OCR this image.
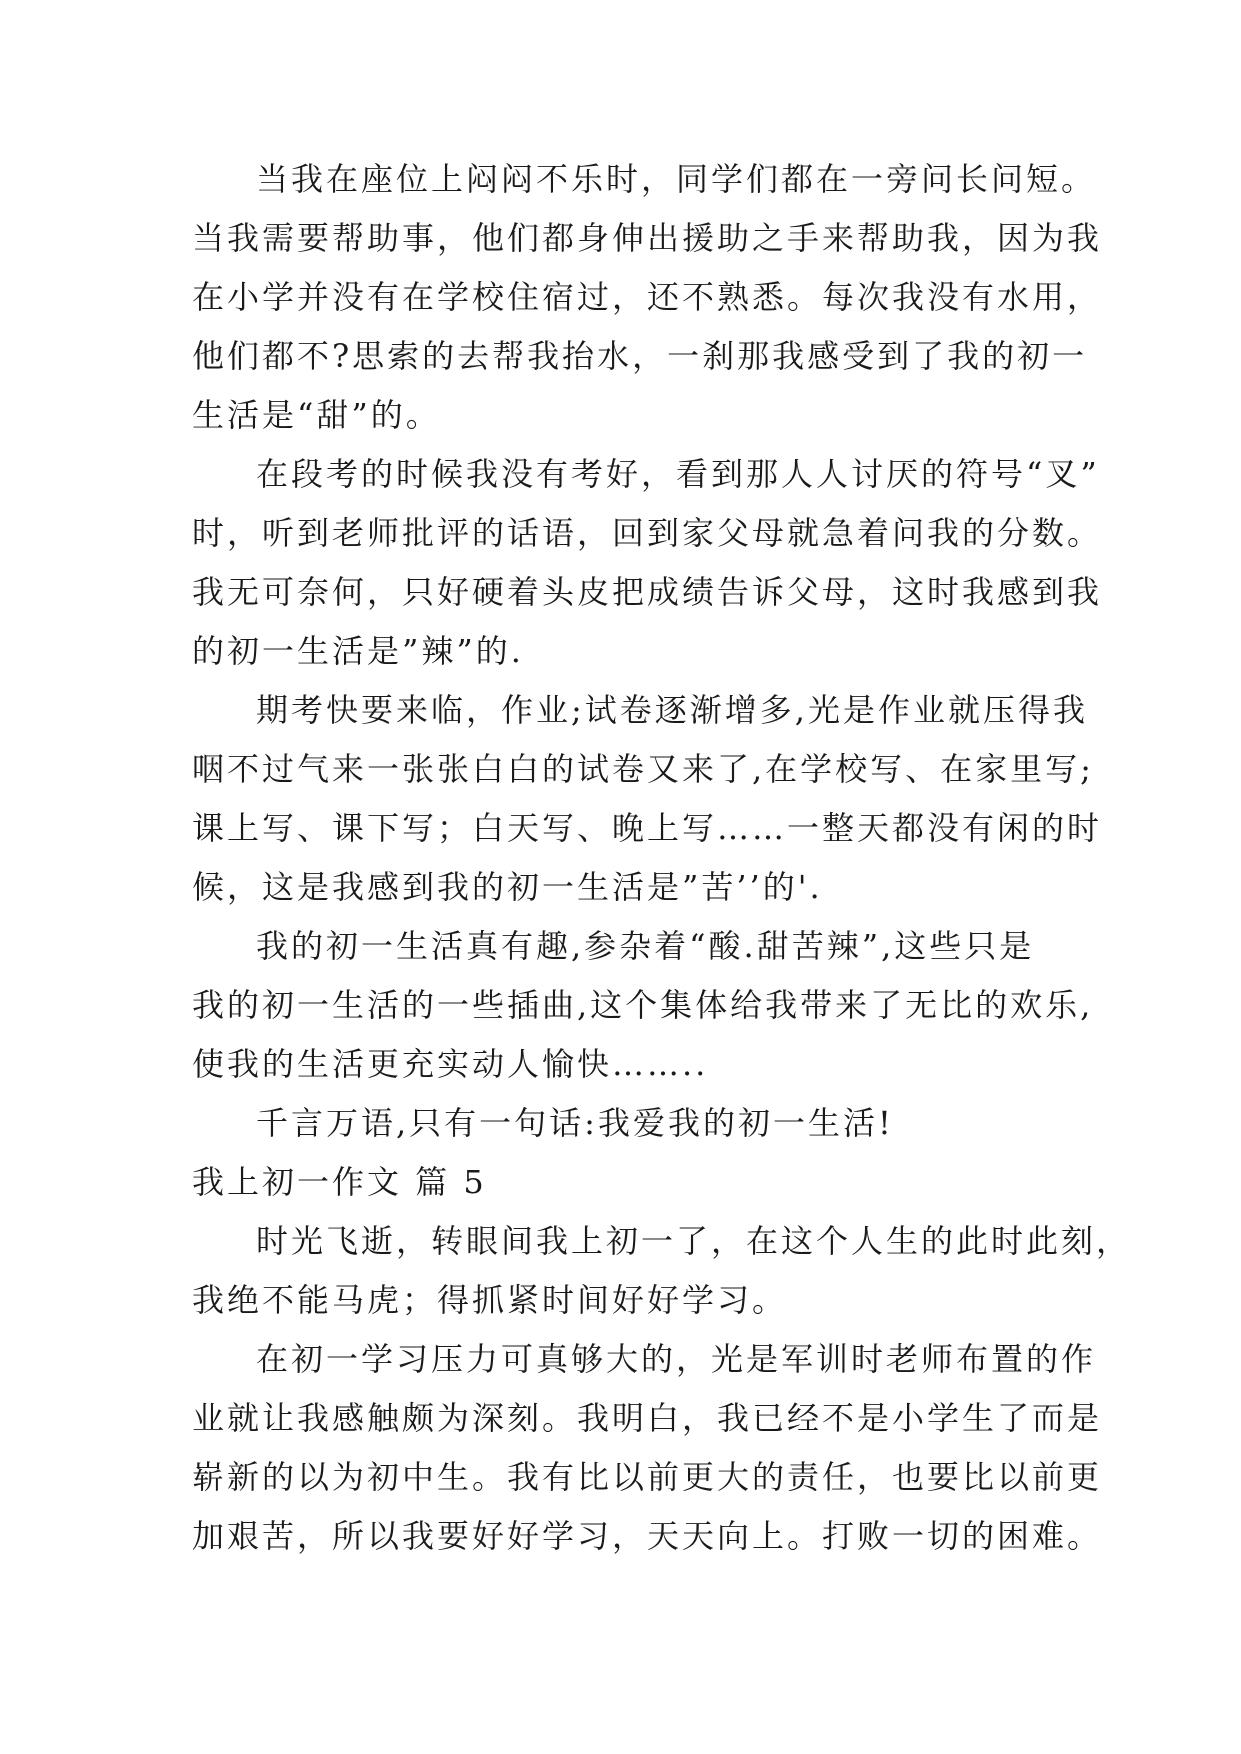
当我在座位上闷闷不乐时，同学们都在一旁问长问短。

当我需要帮助事，他们都身伸出援助之手来帮助我，因为我

在小学并没有在学校住宿过，还不熟悉。每次我没有水用，

他们都不?思索的去帮我抬水，一刹那我感受到了我的初一

生活是“甜”的。

在段考的时候我没有考好，看到那人人讨厌的符号“叉”

时，听到老师批评的话语，回到家父母就急着问我的分数。

我无可奈何，只好硬着头皮把成绩告诉父母，这时我感到我

的初一生活是”辣”的.

期考快要来临，作业;试卷逐渐增多,光是作业就压得我

咽不过气来一张张白白的试卷又来了,在学校写、在家里写;

课上写、课下写；白天写、晚上写……一整天都没有闲的时

候，这是我感到我的初一生活是”苦’’的'.

我的初一生活真有趣,参杂着“酸.甜苦辣”,这些只是

我的初一生活的一些插曲,这个集体给我带来了无比的欢乐,

使我的生活更充实动人愉快……..

千言万语,只有一句话:我爱我的初一生活!

我上初一作文 篇 5

时光飞逝，转眼间我上初一了，在这个人生的此时此刻，

我绝不能马虎；得抓紧时间好好学习。

在初一学习压力可真够大的，光是军训时老师布置的作

业就让我感触颇为深刻。我明白，我已经不是小学生了而是

崭新的以为初中生。我有比以前更大的责任，也要比以前更

加艰苦，所以我要好好学习，天天向上。打败一切的困难。
